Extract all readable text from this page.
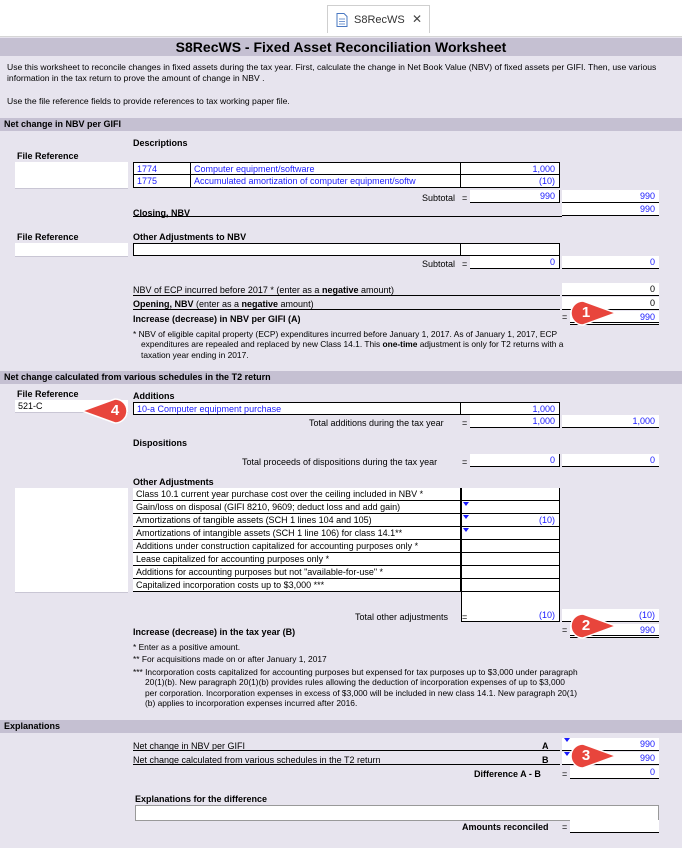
S8RecWS ✕
S8RecWS - Fixed Asset Reconciliation Worksheet
Use this worksheet to reconcile changes in fixed assets during the tax year. First, calculate the change in Net Book Value (NBV) of fixed assets per GIFI. Then, use various information in the tax return to prove the amount of change in NBV .
Use the file reference fields to provide references to tax working paper file.
Net change in NBV per GIFI
Descriptions
File Reference
1774	Computer equipment/software	1,000
1775	Accumulated amortization of computer equipment/softw	(10)
Subtotal =	990	990
Closing, NBV	990
File Reference	Other Adjustments to NBV
Subtotal =	0	0
NBV of ECP incurred before 2017 * (enter as a negative amount)	0
Opening, NBV (enter as a negative amount)	0
Increase (decrease) in NBV per GIFI (A)	=	990
* NBV of eligible capital property (ECP) expenditures incurred before January 1, 2017. As of January 1, 2017, ECP
expenditures are repealed and replaced by new Class 14.1. This one-time adjustment is only for T2 returns with a
taxation year ending in 2017.
Net change calculated from various schedules in the T2 return
File Reference	Additions
521-C	10-a Computer equipment purchase	1,000
Total additions during the tax year =	1,000	1,000
Dispositions
Total proceeds of dispositions during the tax year	=	0	0
Other Adjustments
Class 10.1 current year purchase cost over the ceiling included in NBV *
Gain/loss on disposal (GIFI 8210, 9609; deduct loss and add gain)
Amortizations of tangible assets (SCH 1 lines 104 and 105)	(10)
Amortizations of intangible assets (SCH 1 line 106) for class 14.1**
Additions under construction capitalized for accounting purposes only *
Lease capitalized for accounting purposes only *
Additions for accounting purposes but not "available-for-use" *
Capitalized incorporation costs up to $3,000 ***
Total other adjustments =	(10)	(10)
Increase (decrease) in the tax year (B)	=	990
* Enter as a positive amount.
** For acquisitions made on or after January 1, 2017
*** Incorporation costs capitalized for accounting purposes but expensed for tax purposes up to $3,000 under paragraph
20(1)(b). New paragraph 20(1)(b) provides rules allowing the deduction of incorporation expenses of up to $3,000
per corporation. Incorporation expenses in excess of $3,000 will be included in new class 14.1. New paragraph 20(1)
(b) applies to incorporation expenses incurred after 2016.
Explanations
Net change in NBV per GIFI	A	990
Net change calculated from various schedules in the T2 return	B	990
Difference A - B =	0
Explanations for the difference
Amounts reconciled =
1
2
3
4
